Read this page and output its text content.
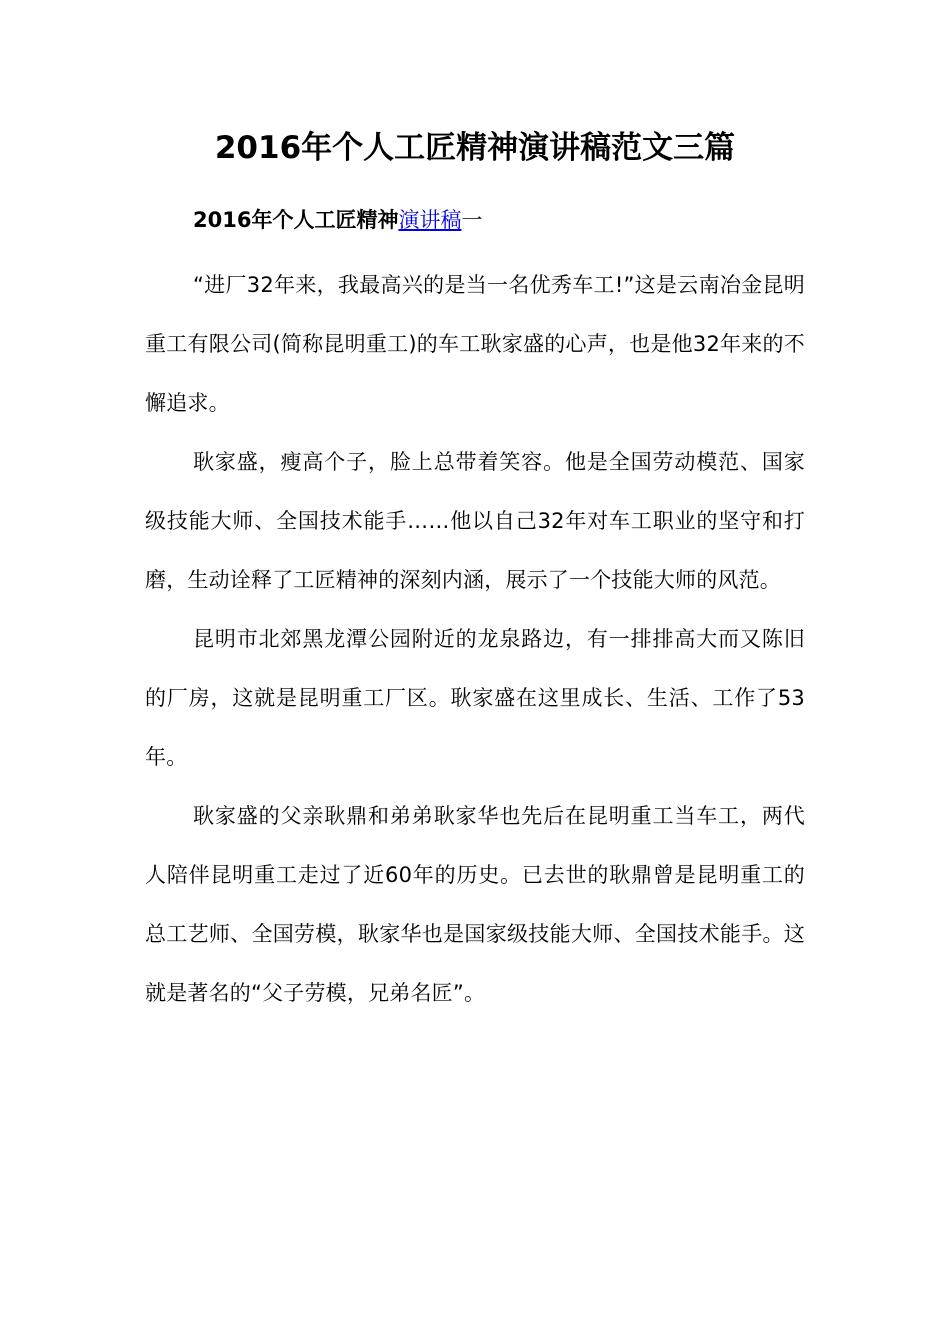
2016年个人工匠精神演讲稿范文三篇
2016年个人工匠精神演讲稿一

“进厂32年来，我最高兴的是当一名优秀车工!”这是云南冶金昆明重工有限公司(简称昆明重工)的车工耿家盛的心声，也是他32年来的不懈追求。

耿家盛，瘦高个子，脸上总带着笑容。他是全国劳动模范、国家级技能大师、全国技术能手……他以自己32年对车工职业的坚守和打磨，生动诠释了工匠精神的深刻内涵，展示了一个技能大师的风范。

昆明市北郊黑龙潭公园附近的龙泉路边，有一排排高大而又陈旧的厂房，这就是昆明重工厂区。耿家盛在这里成长、生活、工作了53年。

耿家盛的父亲耿鼎和弟弟耿家华也先后在昆明重工当车工，两代人陪伴昆明重工走过了近60年的历史。已去世的耿鼎曾是昆明重工的总工艺师、全国劳模，耿家华也是国家级技能大师、全国技术能手。这就是著名的“父子劳模，兄弟名匠”。
